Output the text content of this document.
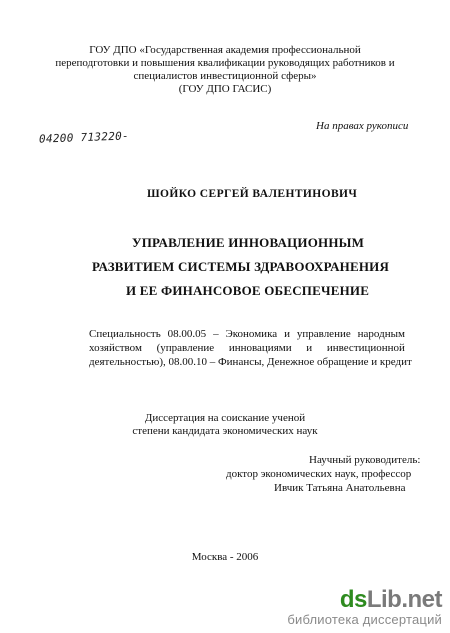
ГОУ ДПО «Государственная академия профессиональной
переподготовки и повышения квалификации руководящих работников и
специалистов инвестиционной сферы»
(ГОУ ДПО ГАСИС)
04200 713220-
На правах рукописи
ШОЙКО СЕРГЕЙ ВАЛЕНТИНОВИЧ
УПРАВЛЕНИЕ ИННОВАЦИОННЫМ
РАЗВИТИЕМ СИСТЕМЫ ЗДРАВООХРАНЕНИЯ
И ЕЕ ФИНАНСОВОЕ ОБЕСПЕЧЕНИЕ
Специальность 08.00.05 – Экономика и управление народным
хозяйством (управление инновациями и инвестиционной
деятельностью), 08.00.10 – Финансы, Денежное обращение и кредит
Диссертация на соискание ученой
степени кандидата экономических наук
Научный руководитель:
доктор экономических наук, профессор
Ивчик Татьяна Анатольевна
Москва - 2006
dsLib.net
библиотека диссертаций
